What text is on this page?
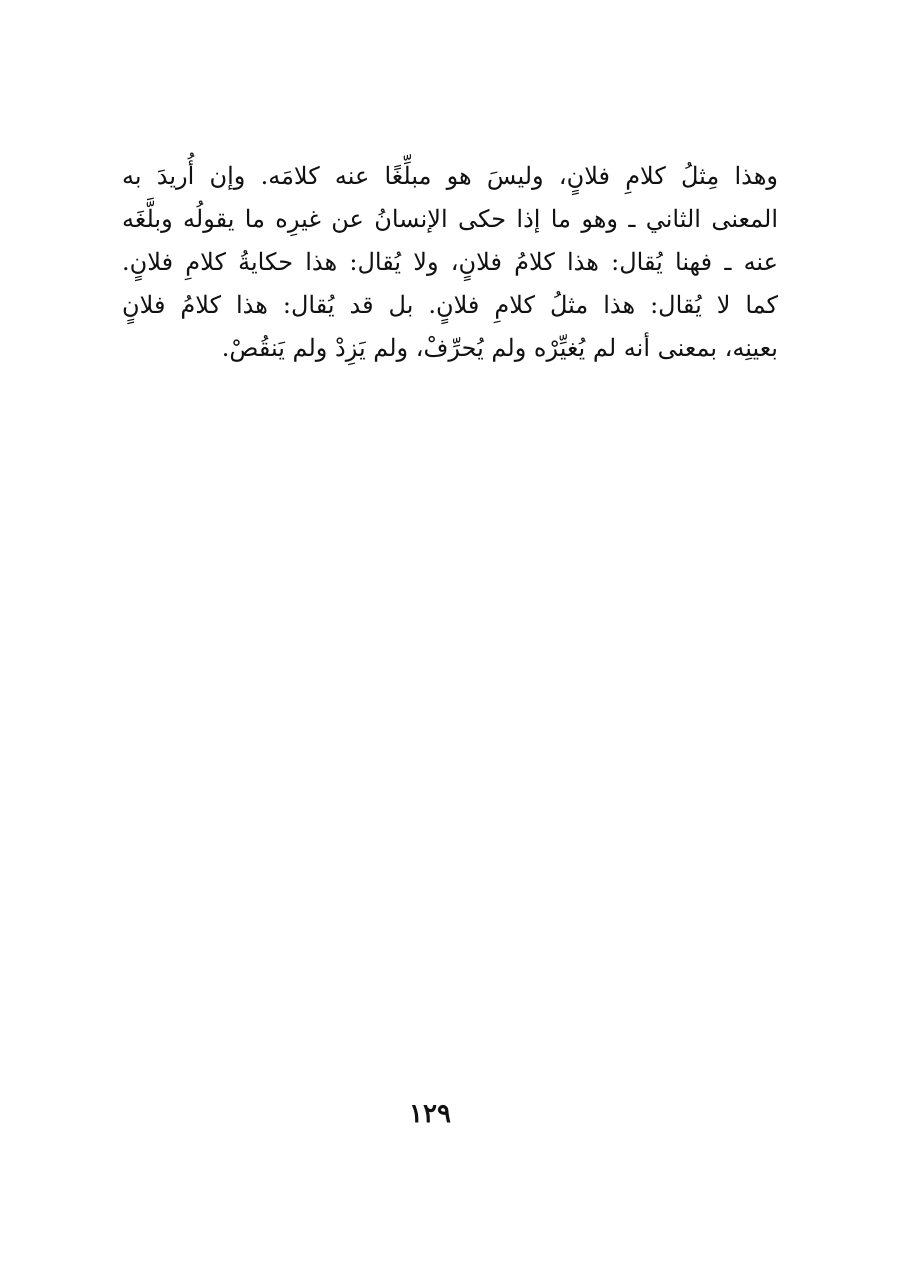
وهذا مِثلُ كلامِ فلانٍ، وليسَ هو مبلِّغًا عنه كلامَه. وإن أُريدَ به
المعنى الثاني ـ وهو ما إذا حكى الإنسانُ عن غيرِه ما يقولُه وبلَّغَه
عنه ـ فهنا يُقال: هذا كلامُ فلانٍ، ولا يُقال: هذا حكايةُ كلامِ فلانٍ.
كما لا يُقال: هذا مثلُ كلامِ فلانٍ. بل قد يُقال: هذا كلامُ فلانٍ
بعينِه، بمعنى أنه لم يُغيِّرْه ولم يُحرِّفْ، ولم يَزِدْ ولم يَنقُصْ.
١٢٩
